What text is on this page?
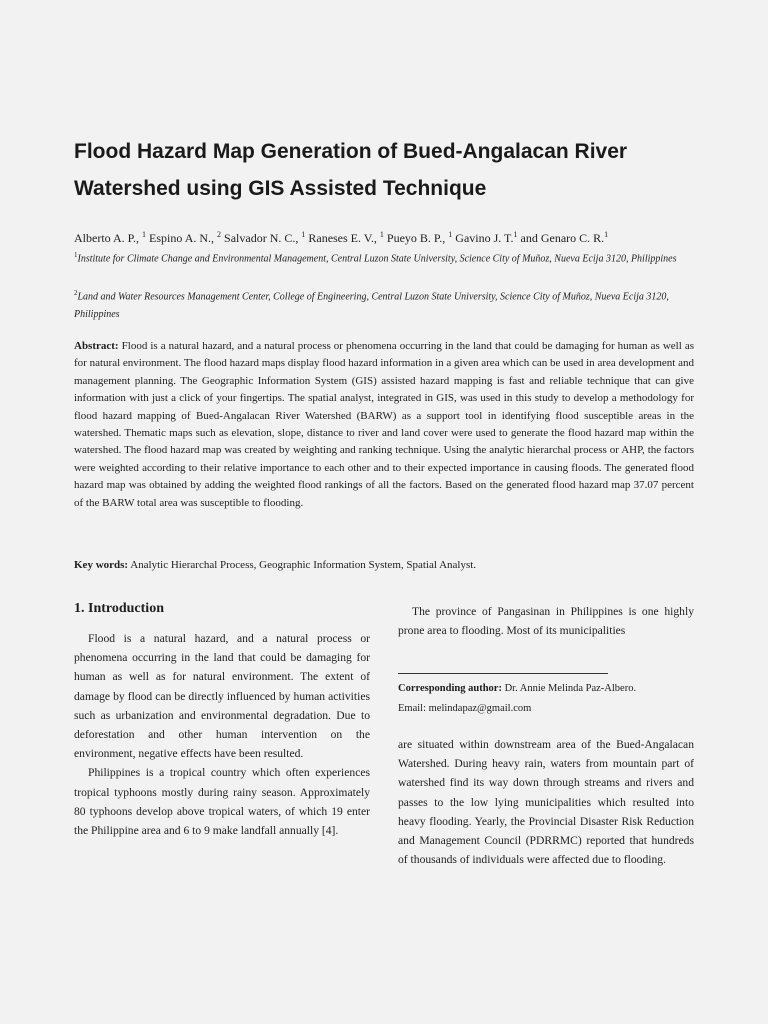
Flood Hazard Map Generation of Bued-Angalacan River Watershed using GIS Assisted Technique
Alberto A. P., $^1$ Espino A. N., $^2$ Salvador N. C., $^1$ Raneses E. V., $^1$ Pueyo B. P., $^1$ Gavino J. T.$^1$ and Genaro C. R.$^1$
$^1$Institute for Climate Change and Environmental Management, Central Luzon State University, Science City of Muñoz, Nueva Ecija 3120, Philippines
$^2$Land and Water Resources Management Center, College of Engineering, Central Luzon State University, Science City of Muñoz, Nueva Ecija 3120, Philippines
Abstract: Flood is a natural hazard, and a natural process or phenomena occurring in the land that could be damaging for human as well as for natural environment. The flood hazard maps display flood hazard information in a given area which can be used in area development and management planning. The Geographic Information System (GIS) assisted hazard mapping is fast and reliable technique that can give information with just a click of your fingertips. The spatial analyst, integrated in GIS, was used in this study to develop a methodology for flood hazard mapping of Bued-Angalacan River Watershed (BARW) as a support tool in identifying flood susceptible areas in the watershed. Thematic maps such as elevation, slope, distance to river and land cover were used to generate the flood hazard map within the watershed. The flood hazard map was created by weighting and ranking technique. Using the analytic hierarchal process or AHP, the factors were weighted according to their relative importance to each other and to their expected importance in causing floods. The generated flood hazard map was obtained by adding the weighted flood rankings of all the factors. Based on the generated flood hazard map 37.07 percent of the BARW total area was susceptible to flooding.
Key words: Analytic Hierarchal Process, Geographic Information System, Spatial Analyst.
1. Introduction

Flood is a natural hazard, and a natural process or phenomena occurring in the land that could be damaging for human as well as for natural environment. The extent of damage by flood can be directly influenced by human activities such as urbanization and environmental degradation. Due to deforestation and other human intervention on the environment, negative effects have been resulted.

Philippines is a tropical country which often experiences tropical typhoons mostly during rainy season. Approximately 80 typhoons develop above tropical waters, of which 19 enter the Philippine area and 6 to 9 make landfall annually [4].

The province of Pangasinan in Philippines is one highly prone area to flooding. Most of its municipalities

Corresponding author: Dr. Annie Melinda Paz-Albero.
Email: melindapaz@gmail.com

are situated within downstream area of the Bued-Angalacan Watershed. During heavy rain, waters from mountain part of watershed find its way down through streams and rivers and passes to the low lying municipalities which resulted into heavy flooding. Yearly, the Provincial Disaster Risk Reduction and Management Council (PDRRMC) reported that hundreds of thousands of individuals were affected due to flooding.
